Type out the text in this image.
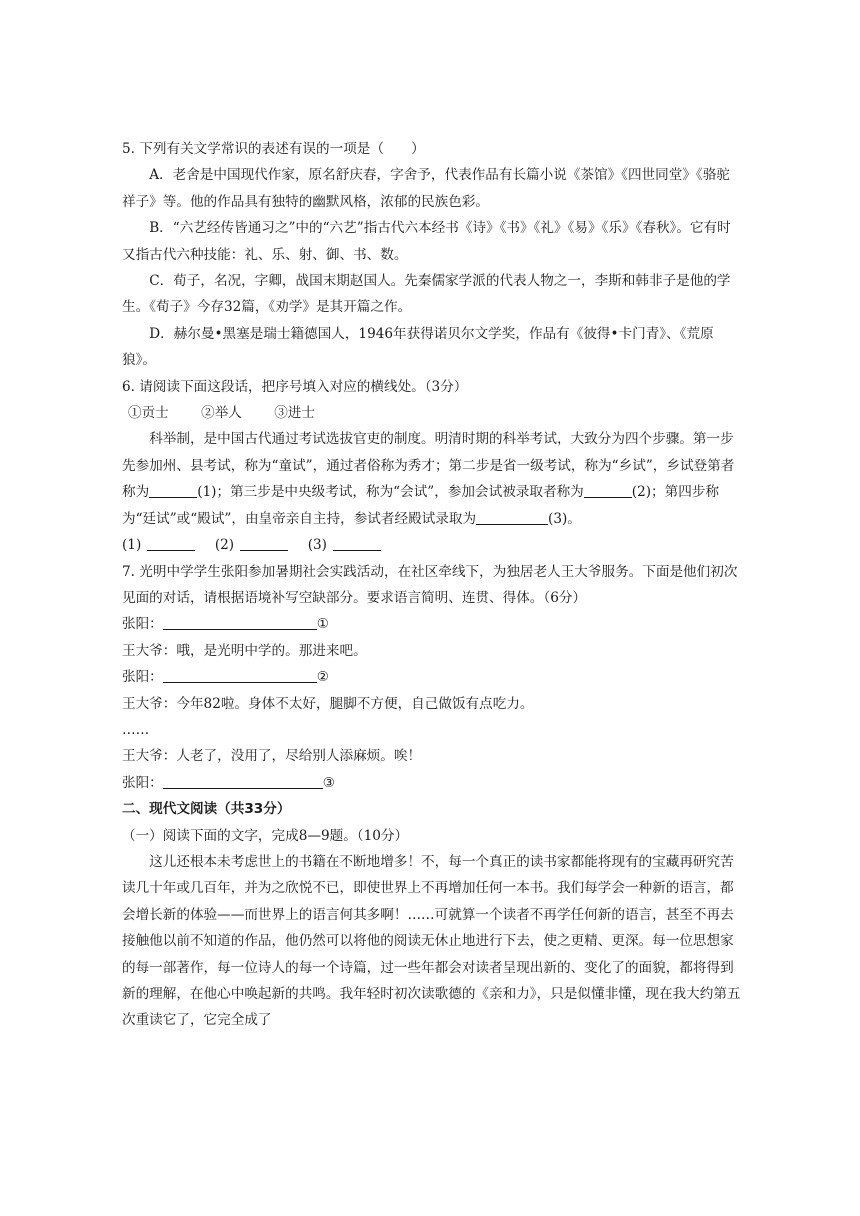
5. 下列有关文学常识的表述有误的一项是（　　）
A．老舍是中国现代作家，原名舒庆春，字舍予，代表作品有长篇小说《茶馆》《四世同堂》《骆驼祥子》等。他的作品具有独特的幽默风格，浓郁的民族色彩。
B．“六艺经传皆通习之”中的“六艺”指古代六本经书《诗》《书》《礼》《易》《乐》《春秋》。它有时又指古代六种技能：礼、乐、射、御、书、数。
C．荀子，名况，字卿，战国末期赵国人。先秦儒家学派的代表人物之一，李斯和韩非子是他的学生。《荀子》今存32篇，《劝学》是其开篇之作。
D．赫尔曼•黑塞是瑞士籍德国人，1946年获得诺贝尔文学奖，作品有《彼得•卡门青》、《荒原狼》。
6. 请阅读下面这段话，把序号填入对应的横线处。（3分）
①贡士 ②举人 ③进士
科举制，是中国古代通过考试选拔官吏的制度。明清时期的科举考试，大致分为四个步骤。第一步先参加州、县考试，称为“童试”，通过者俗称为秀才；第二步是省一级考试，称为“乡试”，乡试登第者称为	(1)；第三步是中央级考试，称为“会试”，参加会试被录取者称为	(2)；第四步称为“廷试”或“殿试”，由皇帝亲自主持，参试者经殿试录取为	(3)。
(1)　	(2)　	(3)
7. 光明中学学生张阳参加暑期社会实践活动，在社区牵线下，为独居老人王大爷服务。下面是他们初次见面的对话，请根据语境补写空缺部分。要求语言简明、连贯、得体。（6分）
张阳：	①
王大爷：哦，是光明中学的。那进来吧。
张阳：	②
王大爷：今年82啦。身体不太好，腿脚不方便，自己做饭有点吃力。
……
王大爷：人老了，没用了，尽给别人添麻烦。唉！
张阳：	③
二、现代文阅读（共33分）
（一）阅读下面的文字，完成8—9题。（10分）
这儿还根本未考虑世上的书籍在不断地增多！不，每一个真正的读书家都能将现有的宝藏再研究苦读几十年或几百年，并为之欣悦不已，即使世界上不再增加任何一本书。我们每学会一种新的语言，都会增长新的体验——而世界上的语言何其多啊！……可就算一个读者不再学任何新的语言，甚至不再去接触他以前不知道的作品，他仍然可以将他的阅读无休止地进行下去，使之更精、更深。每一位思想家的每一部著作，每一位诗人的每一个诗篇，过一些年都会对读者呈现出新的、变化了的面貌，都将得到新的理解，在他心中唤起新的共鸣。我年轻时初次读歌德的《亲和力》，只是似懂非懂，现在我大约第五次重读它了，它完全成了
